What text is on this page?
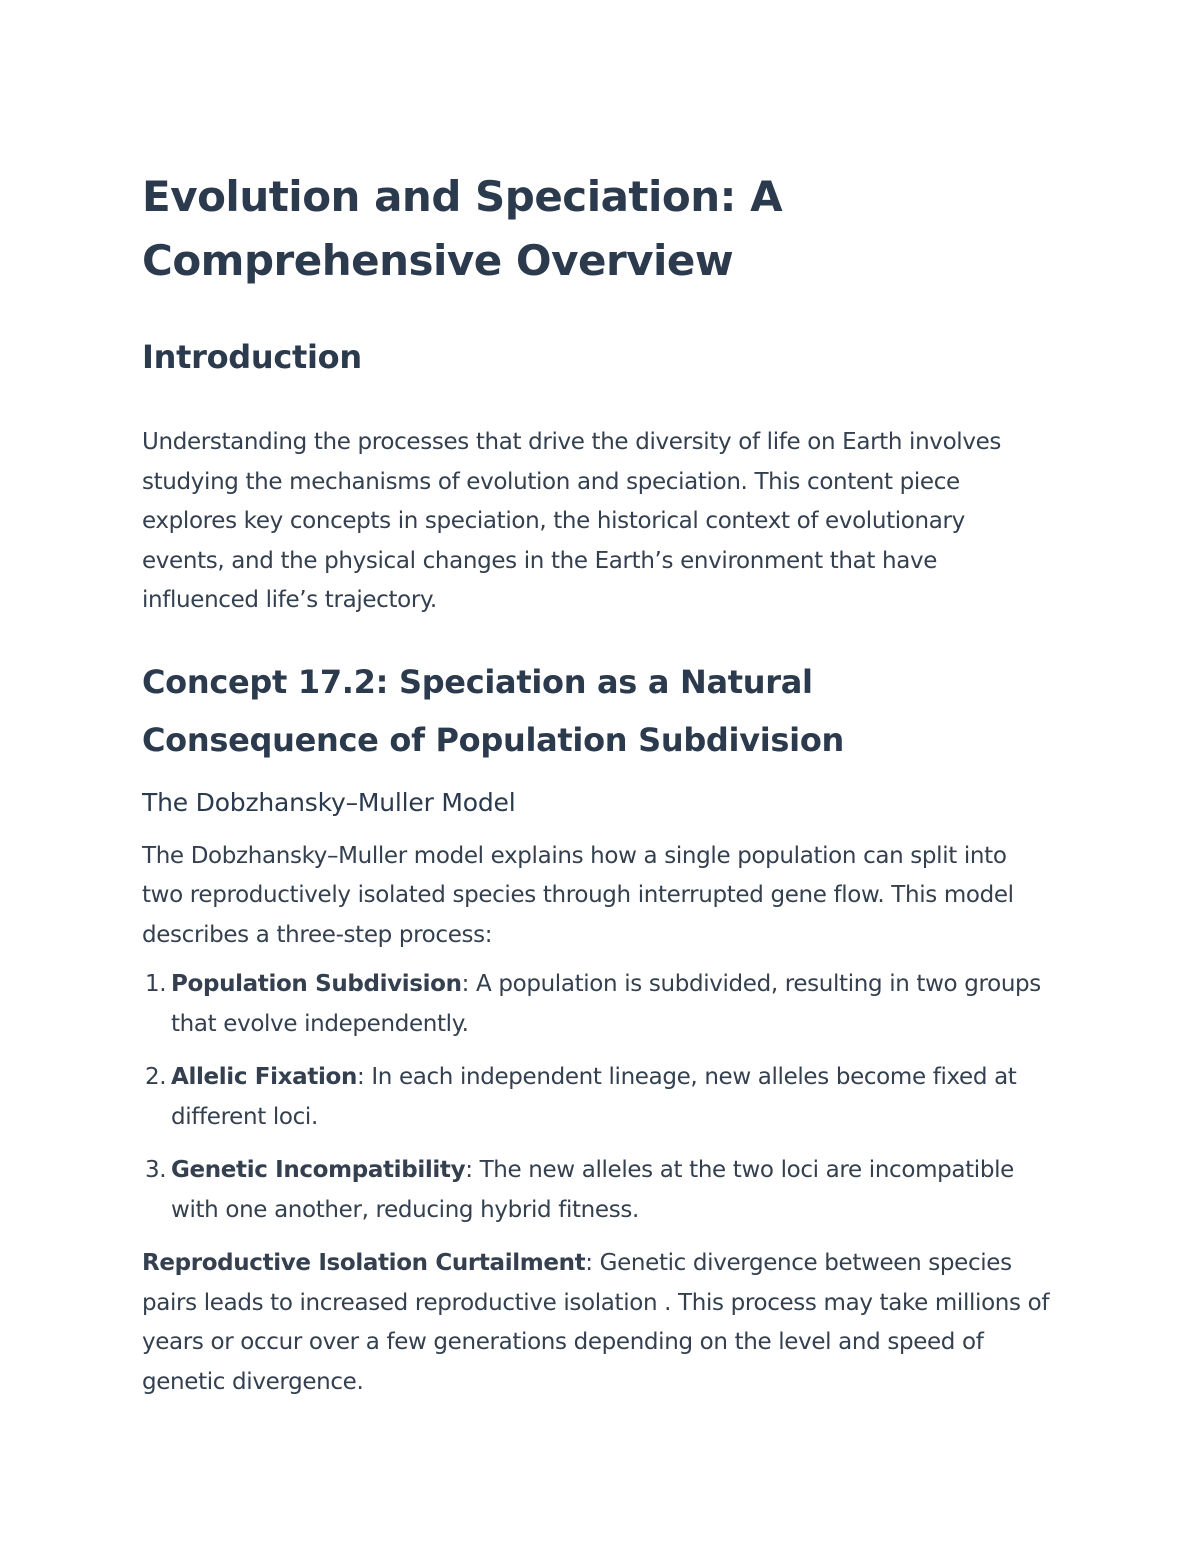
Evolution and Speciation: A Comprehensive Overview
Introduction

Understanding the processes that drive the diversity of life on Earth involves studying the mechanisms of evolution and speciation. This content piece explores key concepts in speciation, the historical context of evolutionary events, and the physical changes in the Earth’s environment that have influenced life’s trajectory.

Concept 17.2: Speciation as a Natural Consequence of Population Subdivision
The Dobzhansky–Muller Model

The Dobzhansky–Muller model explains how a single population can split into two reproductively isolated species through interrupted gene flow. This model describes a three-step process:

1. Population Subdivision: A population is subdivided, resulting in two groups that evolve independently.
2. Allelic Fixation: In each independent lineage, new alleles become fixed at different loci.
3. Genetic Incompatibility: The new alleles at the two loci are incompatible with one another, reducing hybrid fitness.

Reproductive Isolation Curtailment: Genetic divergence between species pairs leads to increased reproductive isolation . This process may take millions of years or occur over a few generations depending on the level and speed of genetic divergence.
